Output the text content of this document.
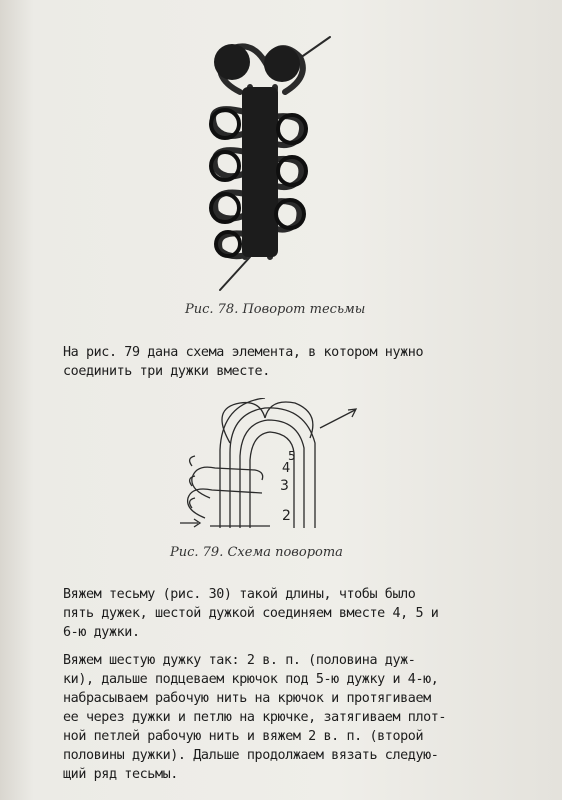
Рис. 78. Поворот тесьмы
На рис. 79 дана схема элемента, в котором нужно
соединить три дужки вместе.
2
3
4
5
Рис. 79. Схема поворота
Вяжем тесьму (рис. 30) такой длины, чтобы было
пять дужек, шестой дужкой соединяем вместе 4, 5 и
6-ю дужки.
Вяжем шестую дужку так: 2 в. п. (половина дуж-
ки), дальше подцеваем крючок под 5-ю дужку и 4-ю,
набрасываем рабочую нить на крючок и протягиваем
ее через дужки и петлю на крючке, затягиваем плот-
ной петлей рабочую нить и вяжем 2 в. п. (второй
половины дужки). Дальше продолжаем вязать следую-
щий ряд тесьмы.
